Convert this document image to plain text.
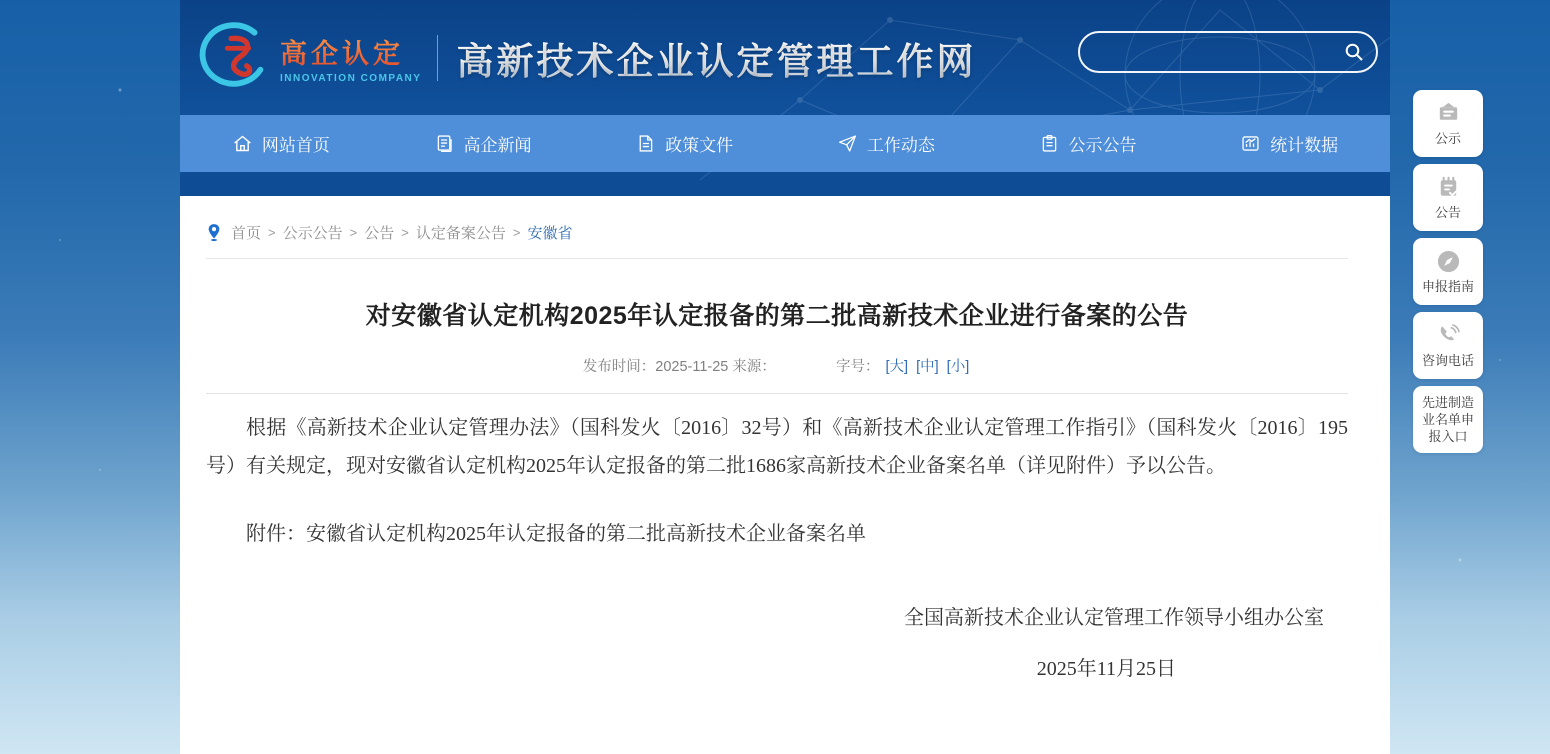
高企认定
INNOVATION COMPANY 高新技术企业认定管理工作网
网站首页	高企新闻	政策文件	工作动态	公示公告	统计数据
首页 > 公示公告 > 公告 > 认定备案公告 > 安徽省
对安徽省认定机构2025年认定报备的第二批高新技术企业进行备案的公告
发布时间：2025-11-25 来源：	字号： [大] [中] [小]

根据《高新技术企业认定管理办法》（国科发火〔2016〕32号）和《高新技术企业认定管理工作指引》（国科发火〔2016〕195号）有关规定，现对安徽省认定机构2025年认定报备的第二批1686家高新技术企业备案名单（详见附件）予以公告。

附件：安徽省认定机构2025年认定报备的第二批高新技术企业备案名单

全国高新技术企业认定管理工作领导小组办公室

2025年11月25日

公示
公告
申报指南
咨询电话
先进制造业名单申报入口
